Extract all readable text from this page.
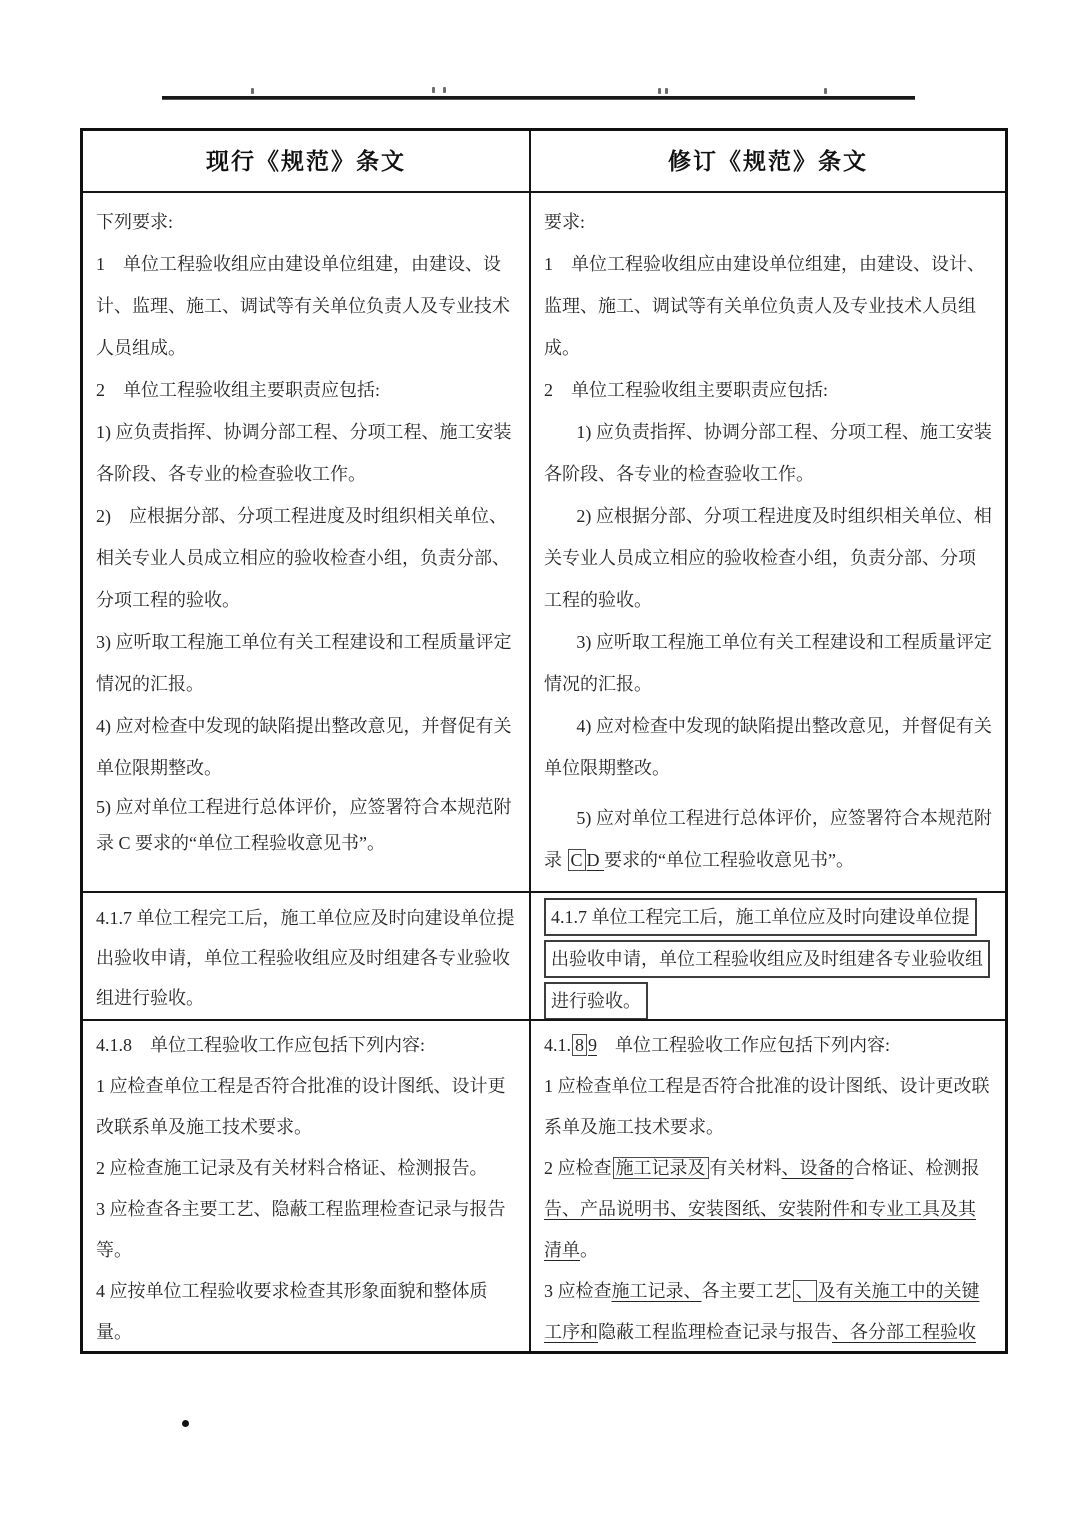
现行《规范》条文	修订《规范》条文
下列要求:
1　单位工程验收组应由建设单位组建，由建设、设计、监理、施工、调试等有关单位负责人及专业技术人员组成。
2　单位工程验收组主要职责应包括:
1) 应负责指挥、协调分部工程、分项工程、施工安装各阶段、各专业的检查验收工作。
2)　应根据分部、分项工程进度及时组织相关单位、相关专业人员成立相应的验收检查小组，负责分部、分项工程的验收。
3) 应听取工程施工单位有关工程建设和工程质量评定情况的汇报。
4) 应对检查中发现的缺陷提出整改意见，并督促有关单位限期整改。
5) 应对单位工程进行总体评价，应签署符合本规范附录 C 要求的“单位工程验收意见书”。
要求:
1　单位工程验收组应由建设单位组建，由建设、设计、监理、施工、调试等有关单位负责人及专业技术人员组成。
2　单位工程验收组主要职责应包括:
1) 应负责指挥、协调分部工程、分项工程、施工安装各阶段、各专业的检查验收工作。
2) 应根据分部、分项工程进度及时组织相关单位、相关专业人员成立相应的验收检查小组，负责分部、分项工程的验收。
3) 应听取工程施工单位有关工程建设和工程质量评定情况的汇报。
4) 应对检查中发现的缺陷提出整改意见，并督促有关单位限期整改。
5) 应对单位工程进行总体评价，应签署符合本规范附录 C D 要求的“单位工程验收意见书”。
4.1.7 单位工程完工后，施工单位应及时向建设单位提出验收申请，单位工程验收组应及时组建各专业验收组进行验收。
4.1.7 单位工程完工后，施工单位应及时向建设单位提
出验收申请，单位工程验收组应及时组建各专业验收组
进行验收。
4.1.8　单位工程验收工作应包括下列内容:
1 应检查单位工程是否符合批准的设计图纸、设计更改联系单及施工技术要求。
2 应检查施工记录及有关材料合格证、检测报告。
3 应检查各主要工艺、隐蔽工程监理检查记录与报告等。
4 应按单位工程验收要求检查其形象面貌和整体质量。
4.1. 8 9　单位工程验收工作应包括下列内容:
1 应检查单位工程是否符合批准的设计图纸、设计更改联系单及施工技术要求。
2 应检查 施工记录及 有关材料、设备的合格证、检测报告、产品说明书、安装图纸、安装附件和专业工具及其清单。
3 应检查施工记录、各主要工艺 、 及有关施工中的关键工序和隐蔽工程监理检查记录与报告、各分部工程验收
